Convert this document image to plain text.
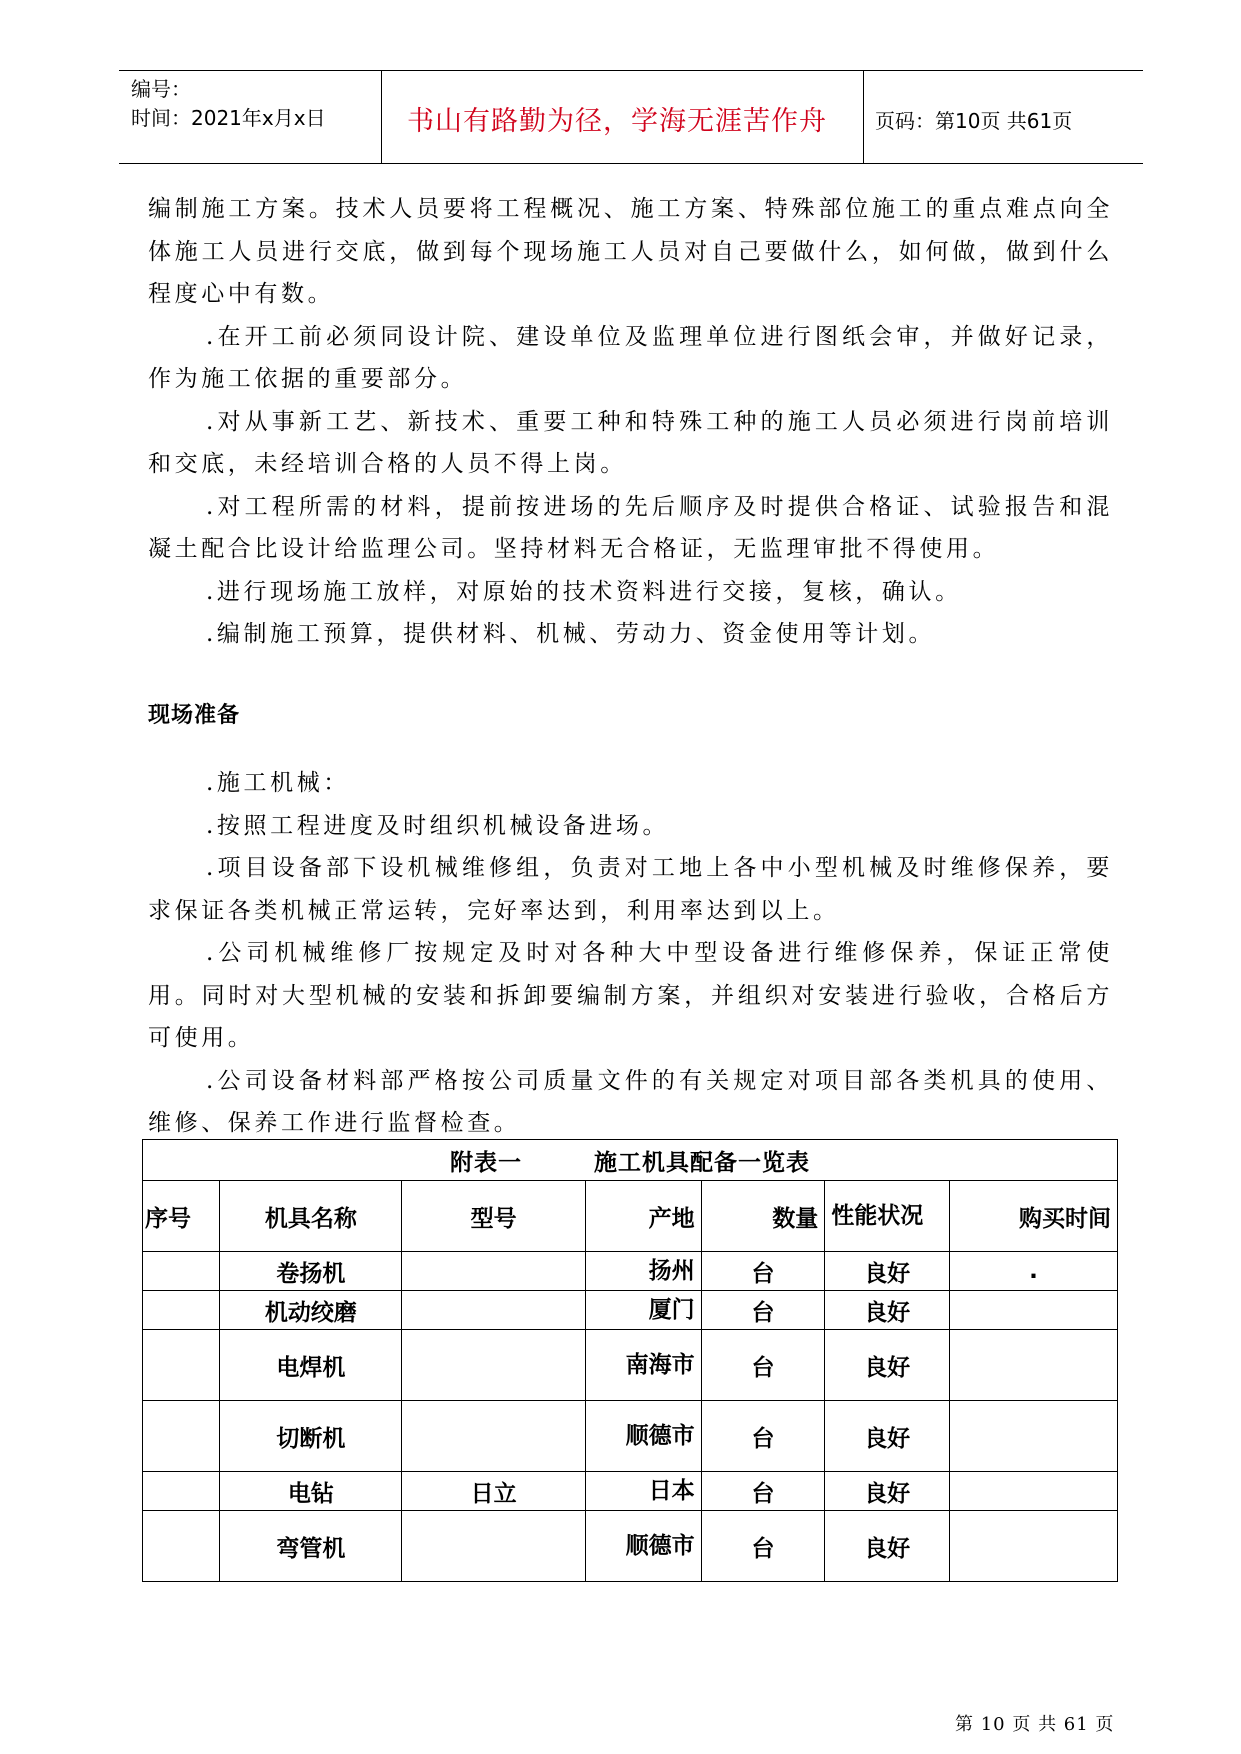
编号：
时间：2021年x月x日	书山有路勤为径，学海无涯苦作舟 页码：第10页 共61页

编制施工方案。技术人员要将工程概况、施工方案、特殊部位施工的重点难点向全体施工人员进行交底，做到每个现场施工人员对自己要做什么，如何做，做到什么程度心中有数。

.在开工前必须同设计院、建设单位及监理单位进行图纸会审，并做好记录，作为施工依据的重要部分。

.对从事新工艺、新技术、重要工种和特殊工种的施工人员必须进行岗前培训和交底，未经培训合格的人员不得上岗。

.对工程所需的材料，提前按进场的先后顺序及时提供合格证、试验报告和混凝土配合比设计给监理公司。坚持材料无合格证，无监理审批不得使用。

.进行现场施工放样，对原始的技术资料进行交接，复核，确认。

.编制施工预算，提供材料、机械、劳动力、资金使用等计划。

现场准备

.施工机械：

.按照工程进度及时组织机械设备进场。

.项目设备部下设机械维修组，负责对工地上各中小型机械及时维修保养，要求保证各类机械正常运转，完好率达到，利用率达到以上。

.公司机械维修厂按规定及时对各种大中型设备进行维修保养，保证正常使用。同时对大型机械的安装和拆卸要编制方案，并组织对安装进行验收，合格后方可使用。

.公司设备材料部严格按公司质量文件的有关规定对项目部各类机具的使用、维修、保养工作进行监督检查。

附表一        施工机具配备一览表						
序号	机具名称	型号	产地	数量	性能状况	购买时间
	卷扬机		扬州	台	良好	.
	机动绞磨		厦门	台	良好	
	电焊机		南海市	台	良好	
	切断机		顺德市	台	良好	
	电钻	日立	日本	台	良好	
	弯管机		顺德市	台	良好	
第 10 页 共 61 页
